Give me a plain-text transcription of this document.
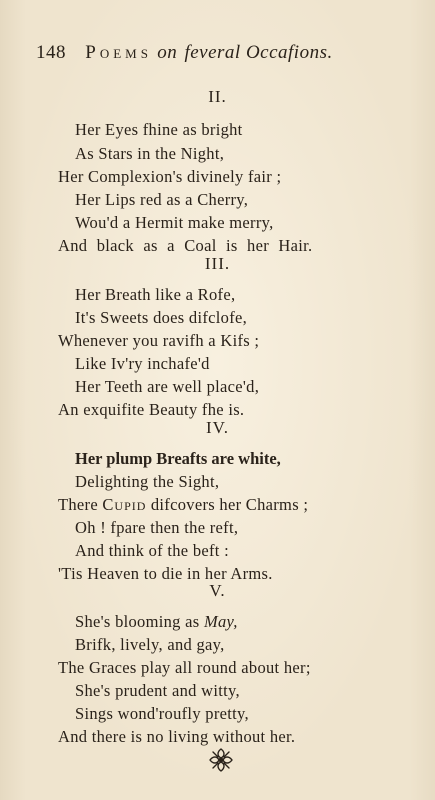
148 Poems on feveral Occafions.
II.
Her Eyes fhine as bright
As Stars in the Night,
Her Complexion's divinely fair ;
Her Lips red as a Cherry,
Wou'd a Hermit make merry,
And black as a Coal is her Hair.
III.
Her Breath like a Rofe,
It's Sweets does difclofe,
Whenever you ravifh a Kifs ;
Like Iv'ry inchafe'd
Her Teeth are well place'd,
An exquifite Beauty fhe is.
IV.
Her plump Breafts are white,
Delighting the Sight,
There Cupid difcovers her Charms ;
Oh ! fpare then the reft,
And think of the beft :
'Tis Heaven to die in her Arms.
V.
She's blooming as May,
Brifk, lively, and gay,
The Graces play all round about her;
She's prudent and witty,
Sings wond'roufly pretty,
And there is no living without her.
